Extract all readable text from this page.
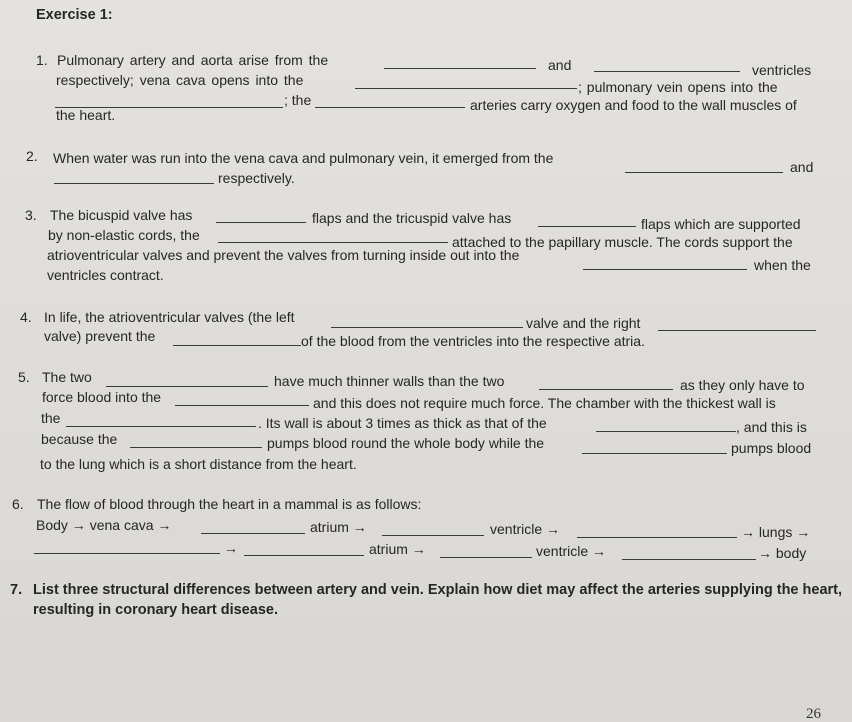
Exercise 1:
1. Pulmonary artery and aorta arise from the	and	ventricles
respectively; vena cava opens into the	; pulmonary vein opens into the
; the	arteries carry oxygen and food to the wall muscles of
the heart.
2. When water was run into the vena cava and pulmonary vein, it emerged from the
and
respectively.
3. The bicuspid valve has	flaps and the tricuspid valve has	flaps which are supported
by non-elastic cords, the	attached to the papillary muscle. The cords support the
atrioventricular valves and prevent the valves from turning inside out into the
when the
ventricles contract.
4. In life, the atrioventricular valves (the left	valve and the right
valve) prevent the	of the blood from the ventricles into the respective atria.
5. The two	have much thinner walls than the two	as they only have to
force blood into the	and this does not require much force. The chamber with the thickest wall is
the	. Its wall is about 3 times as thick as that of the	, and this is
because the	pumps blood round the whole body while the	pumps blood
to the lung which is a short distance from the heart.
6. The flow of blood through the heart in a mammal is as follows:
Body → vena cava →	atrium →	ventricle →	→ lungs →
→	atrium →	ventricle →	→ body
7. List three structural differences between artery and vein. Explain how diet may affect the arteries supplying the heart,
resulting in coronary heart disease.
26
